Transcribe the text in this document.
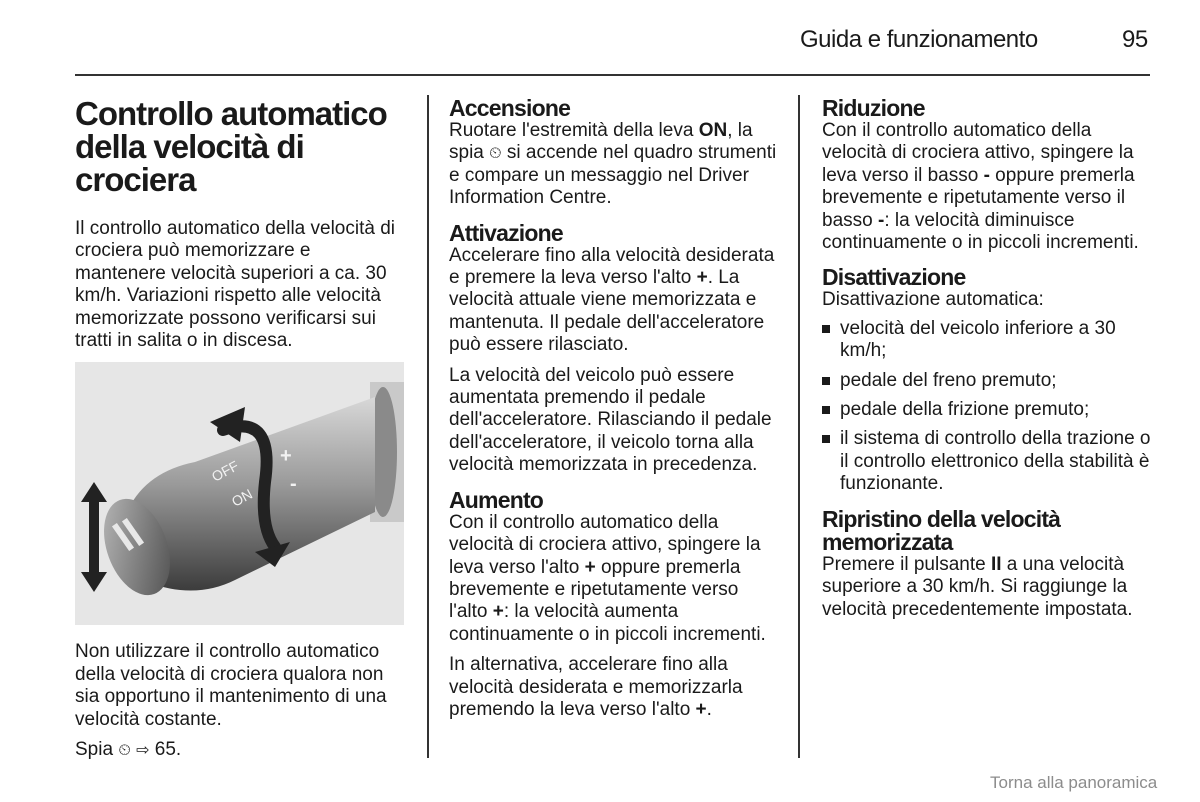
Guida e funzionamento	95
Controllo automatico della velocità di crociera

Il controllo automatico della velocità di crociera può memorizzare e mantenere velocità superiori a ca. 30 km/h. Variazioni rispetto alle velocità memorizzate possono verificarsi sui tratti in salita o in discesa.

OFF
ON
+
-

Non utilizzare il controllo automatico della velocità di crociera qualora non sia opportuno il mantenimento di una velocità costante.

Spia ⏲ ⇨ 65.

Accensione

Ruotare l'estremità della leva ON, la spia ⏲ si accende nel quadro strumenti e compare un messaggio nel Driver Information Centre.

Attivazione

Accelerare fino alla velocità desiderata e premere la leva verso l'alto +. La velocità attuale viene memorizzata e mantenuta. Il pedale dell'acceleratore può essere rilasciato.

La velocità del veicolo può essere aumentata premendo il pedale dell'acceleratore. Rilasciando il pedale dell'acceleratore, il veicolo torna alla velocità memorizzata in precedenza.

Aumento

Con il controllo automatico della velocità di crociera attivo, spingere la leva verso l'alto + oppure premerla brevemente e ripetutamente verso l'alto +: la velocità aumenta continuamente o in piccoli incrementi.

In alternativa, accelerare fino alla velocità desiderata e memorizzarla premendo la leva verso l'alto +.

Riduzione

Con il controllo automatico della velocità di crociera attivo, spingere la leva verso il basso - oppure premerla brevemente e ripetutamente verso il basso -: la velocità diminuisce continuamente o in piccoli incrementi.

Disattivazione

Disattivazione automatica:

velocità del veicolo inferiore a 30 km/h;
pedale del freno premuto;
pedale della frizione premuto;
il sistema di controllo della trazione o il controllo elettronico della stabilità è funzionante.
Ripristino della velocità memorizzata

Premere il pulsante II a una velocità superiore a 30 km/h. Si raggiunge la velocità precedentemente impostata.

Torna alla panoramica
